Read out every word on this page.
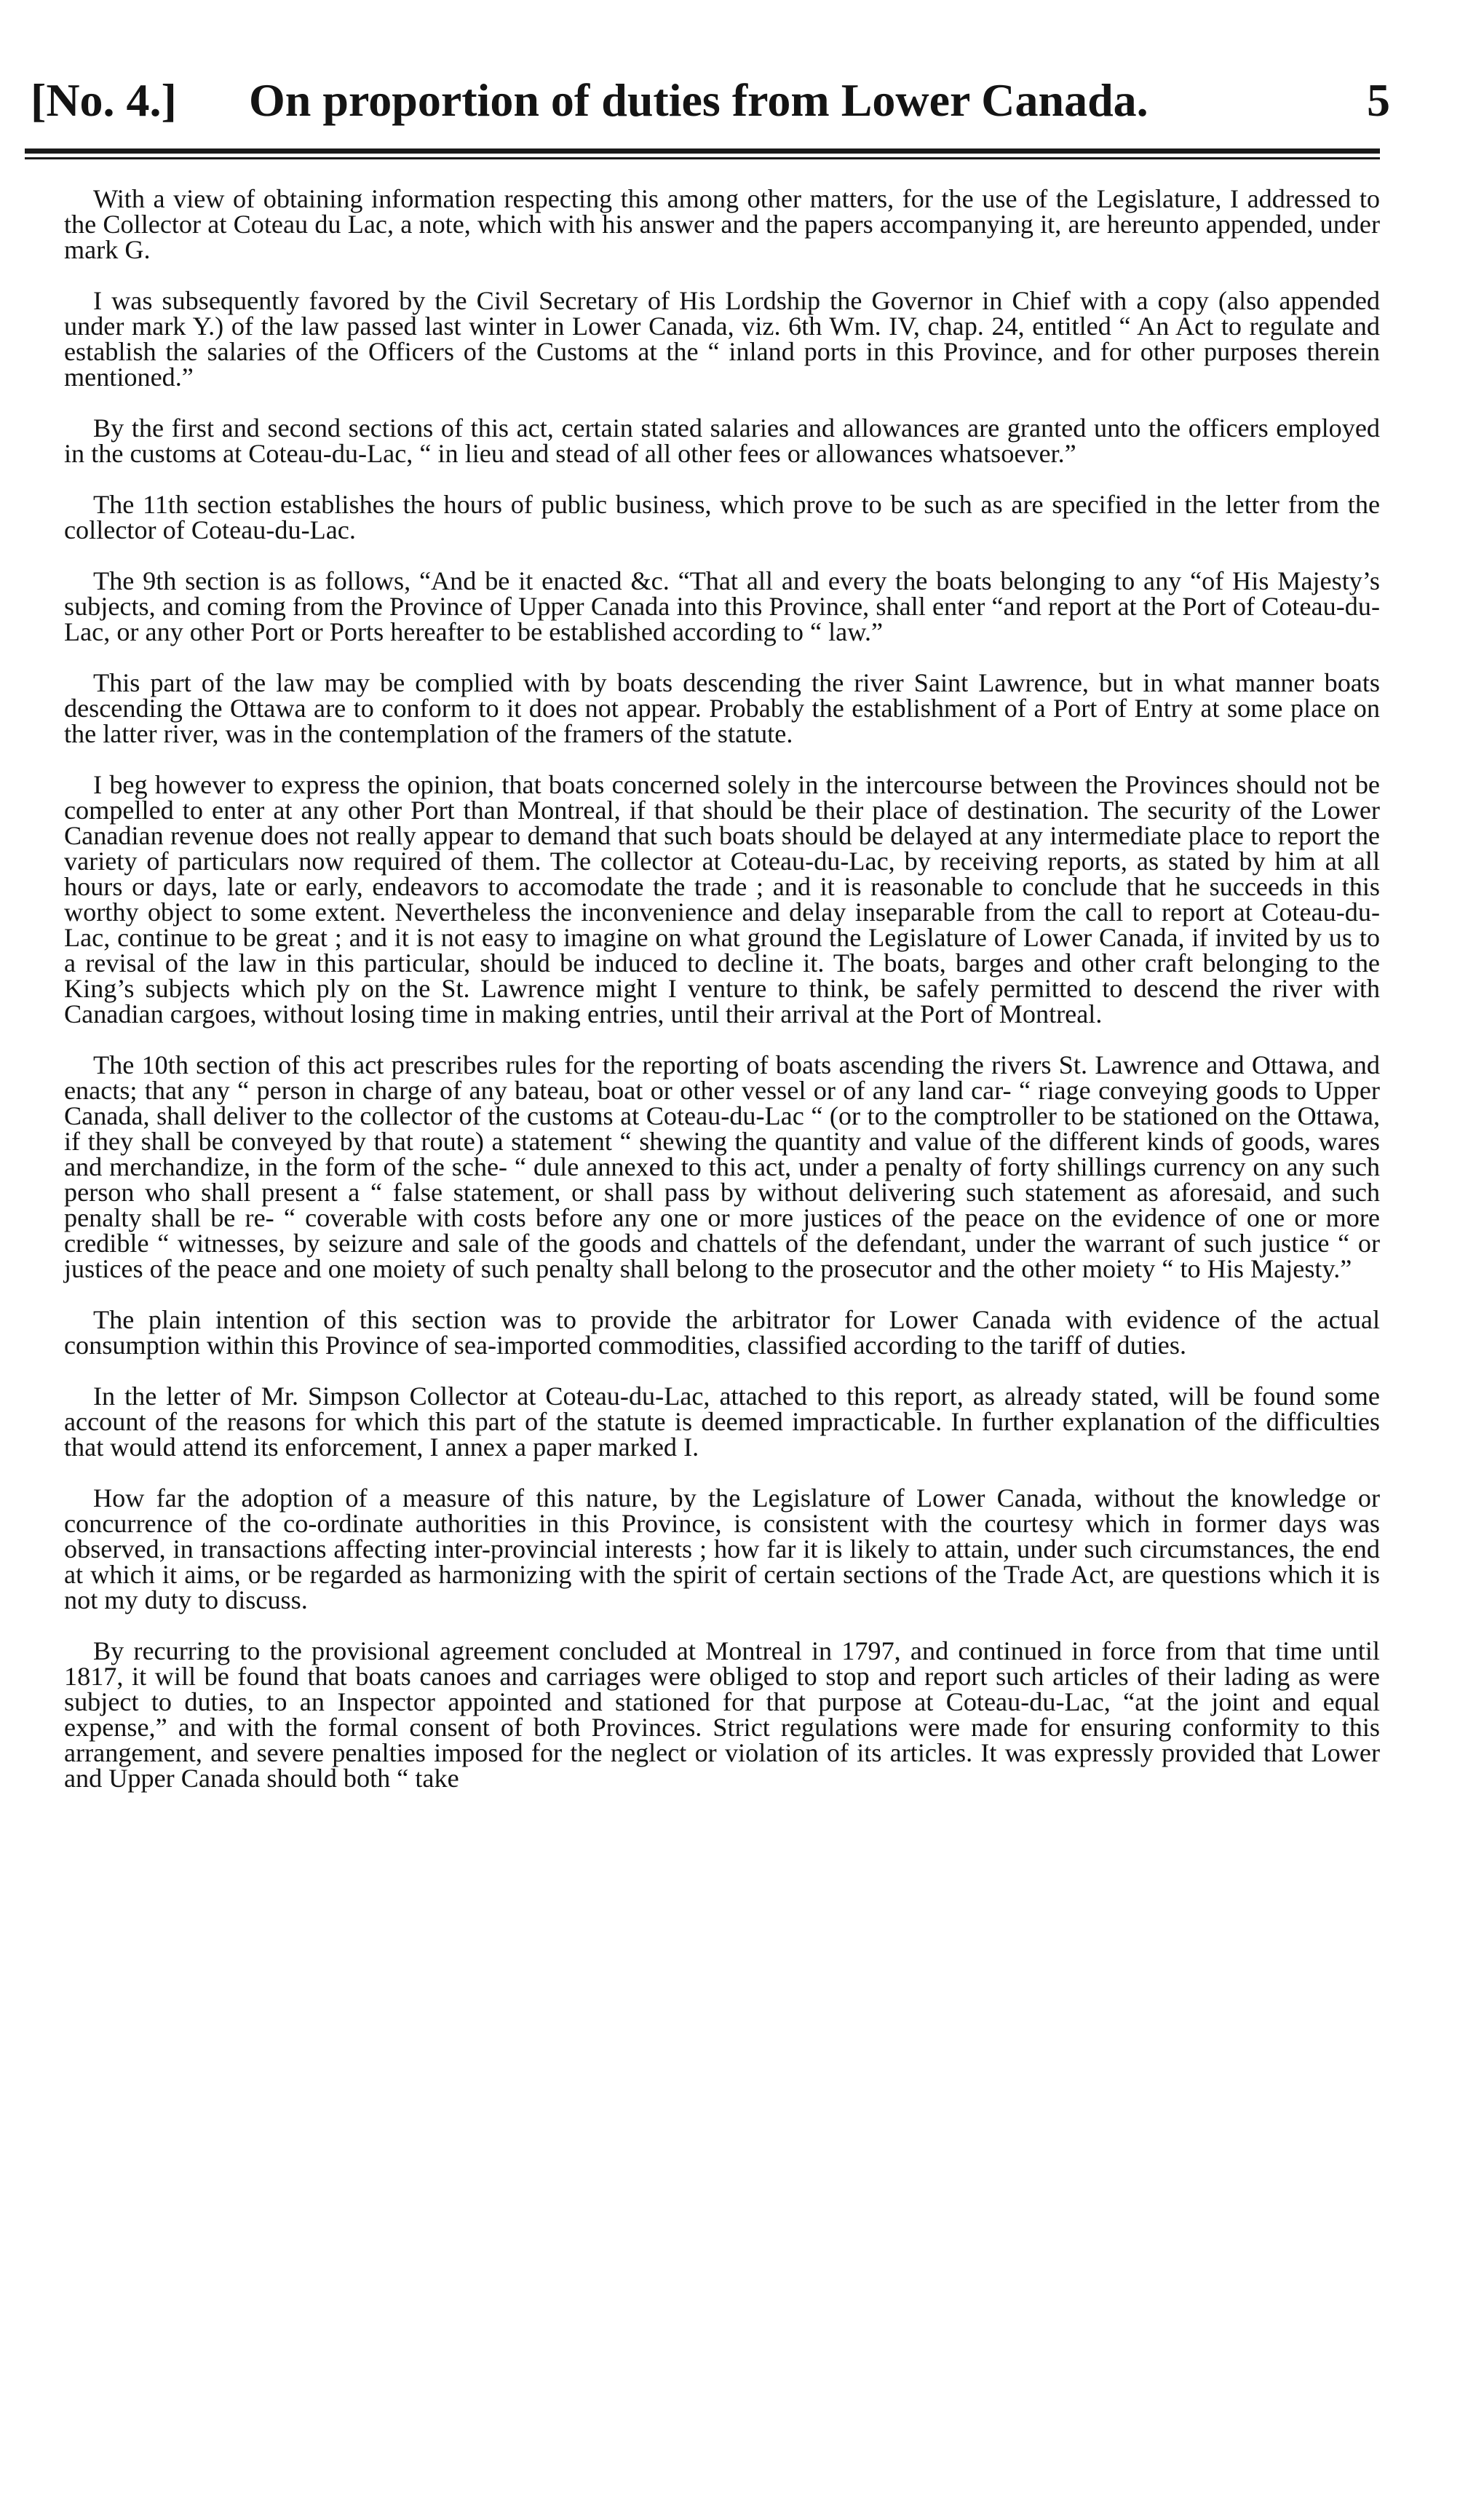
[No. 4.] On proportion of duties from Lower Canada.	5

With a view of obtaining information respecting this among other matters, for the use of the Legislature, I addressed to the Collector at Coteau du Lac, a note, which with his answer and the papers accompanying it, are hereunto appended, under mark G.

I was subsequently favored by the Civil Secretary of His Lordship the Governor in Chief with a copy (also appended under mark Y.) of the law passed last winter in Lower Canada, viz. 6th Wm. IV, chap. 24, entitled “ An Act to regulate and establish the salaries of the Officers of the Customs at the “ inland ports in this Province, and for other purposes therein mentioned.”

By the first and second sections of this act, certain stated salaries and allowances are granted unto the officers employed in the customs at Coteau-du-Lac, “ in lieu and stead of all other fees or allowances whatsoever.”

The 11th section establishes the hours of public business, which prove to be such as are specified in the letter from the collector of Coteau-du-Lac.

The 9th section is as follows, “And be it enacted &c. “That all and every the boats belonging to any “of His Majesty’s subjects, and coming from the Province of Upper Canada into this Province, shall enter “and report at the Port of Coteau-du-Lac, or any other Port or Ports hereafter to be established according to “ law.”

This part of the law may be complied with by boats descending the river Saint Lawrence, but in what manner boats descending the Ottawa are to conform to it does not appear. Probably the establishment of a Port of Entry at some place on the latter river, was in the contemplation of the framers of the statute.

I beg however to express the opinion, that boats concerned solely in the intercourse between the Provinces should not be compelled to enter at any other Port than Montreal, if that should be their place of destination. The security of the Lower Canadian revenue does not really appear to demand that such boats should be delayed at any intermediate place to report the variety of particulars now required of them. The collector at Coteau-du-Lac, by receiving reports, as stated by him at all hours or days, late or early, endeavors to accomodate the trade ; and it is reasonable to conclude that he succeeds in this worthy object to some extent. Nevertheless the inconvenience and delay inseparable from the call to report at Coteau-du-Lac, continue to be great ; and it is not easy to imagine on what ground the Legislature of Lower Canada, if invited by us to a revisal of the law in this particular, should be induced to decline it. The boats, barges and other craft belonging to the King’s subjects which ply on the St. Lawrence might I venture to think, be safely permitted to descend the river with Canadian cargoes, without losing time in making entries, until their arrival at the Port of Montreal.

The 10th section of this act prescribes rules for the reporting of boats ascending the rivers St. Lawrence and Ottawa, and enacts; that any “ person in charge of any bateau, boat or other vessel or of any land car- “ riage conveying goods to Upper Canada, shall deliver to the collector of the customs at Coteau-du-Lac “ (or to the comptroller to be stationed on the Ottawa, if they shall be conveyed by that route) a statement “ shewing the quantity and value of the different kinds of goods, wares and merchandize, in the form of the sche- “ dule annexed to this act, under a penalty of forty shillings currency on any such person who shall present a “ false statement, or shall pass by without delivering such statement as aforesaid, and such penalty shall be re- “ coverable with costs before any one or more justices of the peace on the evidence of one or more credible “ witnesses, by seizure and sale of the goods and chattels of the defendant, under the warrant of such justice “ or justices of the peace and one moiety of such penalty shall belong to the prosecutor and the other moiety “ to His Majesty.”

The plain intention of this section was to provide the arbitrator for Lower Canada with evidence of the actual consumption within this Province of sea-imported commodities, classified according to the tariff of duties.

In the letter of Mr. Simpson Collector at Coteau-du-Lac, attached to this report, as already stated, will be found some account of the reasons for which this part of the statute is deemed impracticable. In further explanation of the difficulties that would attend its enforcement, I annex a paper marked I.

How far the adoption of a measure of this nature, by the Legislature of Lower Canada, without the knowledge or concurrence of the co-ordinate authorities in this Province, is consistent with the courtesy which in former days was observed, in transactions affecting inter-provincial interests ; how far it is likely to attain, under such circumstances, the end at which it aims, or be regarded as harmonizing with the spirit of certain sections of the Trade Act, are questions which it is not my duty to discuss.

By recurring to the provisional agreement concluded at Montreal in 1797, and continued in force from that time until 1817, it will be found that boats canoes and carriages were obliged to stop and report such articles of their lading as were subject to duties, to an Inspector appointed and stationed for that purpose at Coteau-du-Lac, “at the joint and equal expense,” and with the formal consent of both Provinces. Strict regulations were made for ensuring conformity to this arrangement, and severe penalties imposed for the neglect or violation of its articles. It was expressly provided that Lower and Upper Canada should both “ take
